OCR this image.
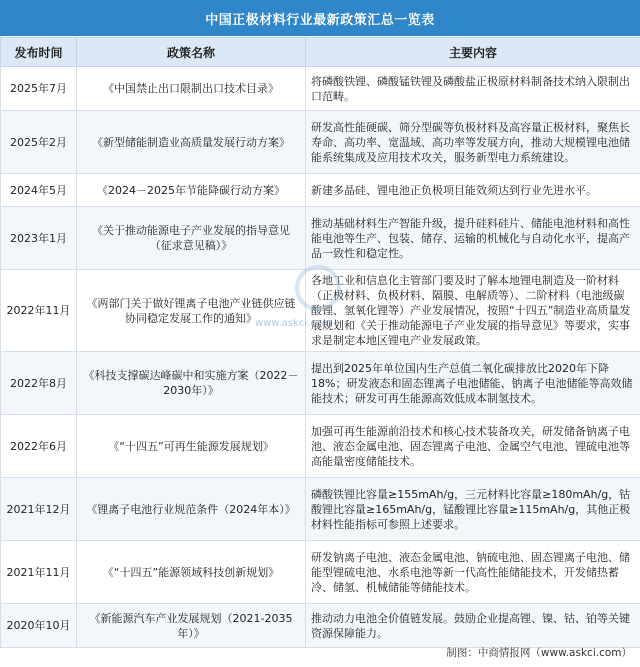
中国正极材料行业最新政策汇总一览表
发布时间	政策名称	主要内容
2025年7月	《中国禁止出口限制出口技术目录》	将磷酸铁锂、磷酸锰铁锂及磷酸盐正极原材料制备技术纳入限制出口范畴。
2025年2月	《新型储能制造业高质量发展行动方案》	研发高性能硬碳、筛分型碳等负极材料及高容量正极材料，聚焦长寿命、高功率、宽温域、高功率等发展方向，推动大规模锂电池储能系统集成及应用技术攻关，服务新型电力系统建设。
2024年5月	《2024－2025年节能降碳行动方案》	新建多晶硅、锂电池正负极项目能效须达到行业先进水平。
2023年1月	《关于推动能源电子产业发展的指导意见（征求意见稿）》	推动基础材料生产智能升级，提升硅料硅片、储能电池材料和高性能电池等生产、包装、储存、运输的机械化与自动化水平，提高产品一致性和稳定性。
2022年11月	《两部门关于做好锂离子电池产业链供应链协同稳定发展工作的通知》	各地工业和信息化主管部门要及时了解本地锂电制造及一阶材料（正极材料、负极材料、隔膜、电解质等）、二阶材料（电池级碳酸锂、氢氧化锂等）产业发展情况，按照“十四五”制造业高质量发展规划和《关于推动能源电子产业发展的指导意见》等要求，实事求是制定本地区锂电产业发展政策。
2022年8月	《科技支撑碳达峰碳中和实施方案（2022－2030年）》	提出到2025年单位国内生产总值二氧化碳排放比2020年下降18%；研发液态和固态锂离子电池储能、钠离子电池储能等高效储能技术；研发可再生能源高效低成本制氢技术。
2022年6月	《“十四五”可再生能源发展规划》	加强可再生能源前沿技术和核心技术装备攻关，研发储备钠离子电池、液态金属电池、固态锂离子电池、金属空气电池、锂硫电池等高能量密度储能技术。
2021年12月	《锂离子电池行业规范条件（2024年本）》	磷酸铁锂比容量≥155mAh/g，三元材料比容量≥180mAh/g，钴酸锂比容量≥165mAh/g，锰酸锂比容量≥115mAh/g，其他正极材料性能指标可参照上述要求。
2021年11月	《“十四五”能源领域科技创新规划》	研发钠离子电池、液态金属电池、钠硫电池、固态锂离子电池、储能型锂硫电池、水系电池等新一代高性能储能技术，开发储热蓄冷、储氢、机械储能等储能技术。
2020年10月	《新能源汽车产业发展规划（2021-2035年）》	推动动力电池全价值链发展。鼓励企业提高锂、镍、钴、铂等关键资源保障能力。
www.askci.com
制图：中商情报网（www.askci.com）
